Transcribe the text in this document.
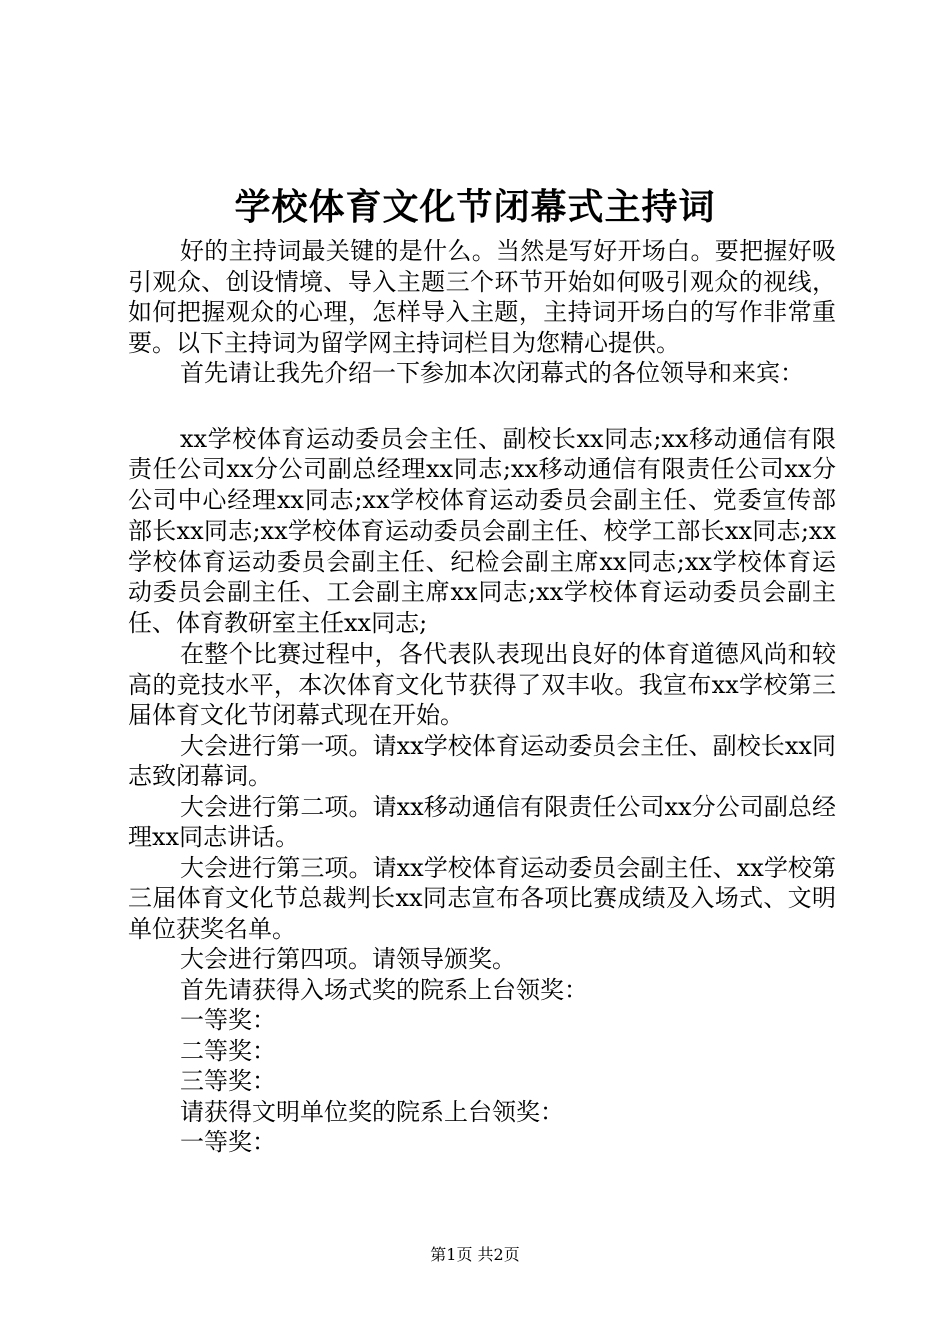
学校体育文化节闭幕式主持词

好的主持词最关键的是什么。当然是写好开场白。要把握好吸引观众、创设情境、导入主题三个环节开始如何吸引观众的视线，如何把握观众的心理，怎样导入主题，主持词开场白的写作非常重要。以下主持词为留学网主持词栏目为您精心提供。

首先请让我先介绍一下参加本次闭幕式的各位领导和来宾：

xx学校体育运动委员会主任、副校长xx同志;xx移动通信有限责任公司xx分公司副总经理xx同志;xx移动通信有限责任公司xx分公司中心经理xx同志;xx学校体育运动委员会副主任、党委宣传部部长xx同志;xx学校体育运动委员会副主任、校学工部长xx同志;xx学校体育运动委员会副主任、纪检会副主席xx同志;xx学校体育运动委员会副主任、工会副主席xx同志;xx学校体育运动委员会副主任、体育教研室主任xx同志;

在整个比赛过程中，各代表队表现出良好的体育道德风尚和较高的竞技水平，本次体育文化节获得了双丰收。我宣布xx学校第三届体育文化节闭幕式现在开始。

大会进行第一项。请xx学校体育运动委员会主任、副校长xx同志致闭幕词。

大会进行第二项。请xx移动通信有限责任公司xx分公司副总经理xx同志讲话。

大会进行第三项。请xx学校体育运动委员会副主任、xx学校第三届体育文化节总裁判长xx同志宣布各项比赛成绩及入场式、文明单位获奖名单。

大会进行第四项。请领导颁奖。

首先请获得入场式奖的院系上台领奖：

一等奖：

二等奖：

三等奖：

请获得文明单位奖的院系上台领奖：

一等奖：

第1页 共2页
